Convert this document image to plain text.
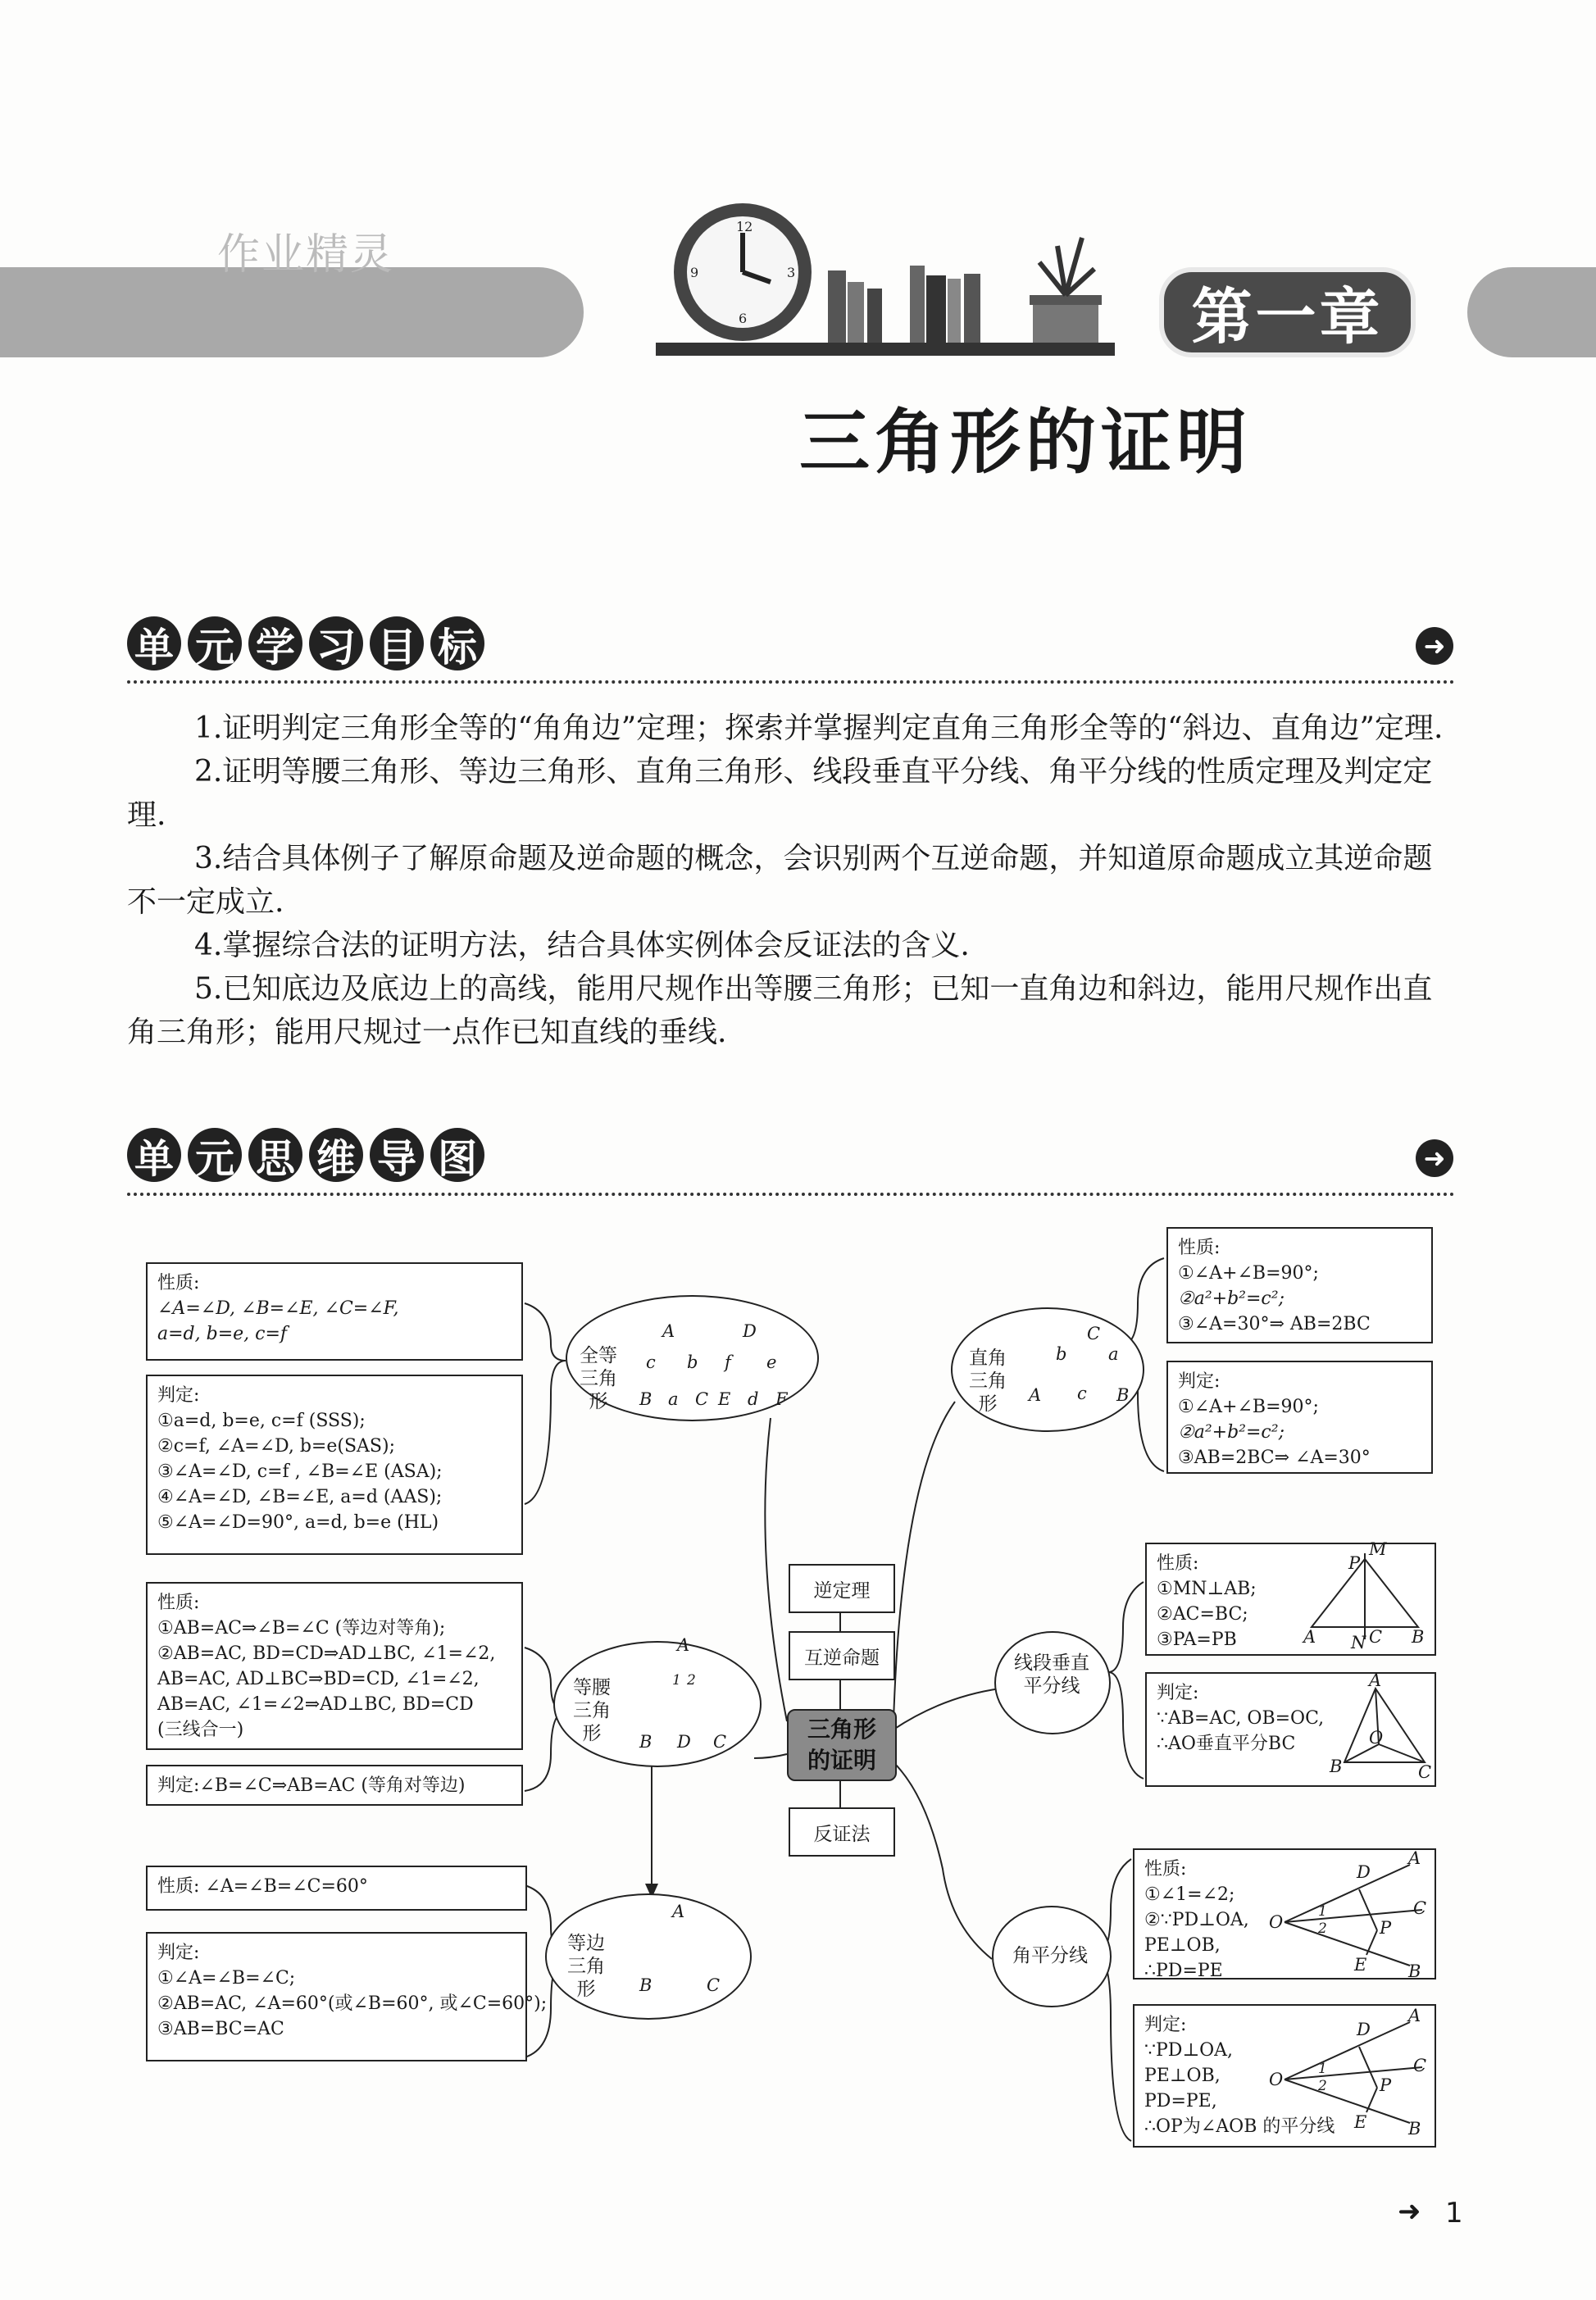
作业精灵
12
3
6
9
第一章
三角形的证明
单 元 学 习 目 标	➜

1.证明判定三角形全等的“角角边”定理；探索并掌握判定直角三角形全等的“斜边、直角边”定理.

2.证明等腰三角形、等边三角形、直角三角形、线段垂直平分线、角平分线的性质定理及判定定理.

3.结合具体例子了解原命题及逆命题的概念，会识别两个互逆命题，并知道原命题成立其逆命题不一定成立.

4.掌握综合法的证明方法，结合具体实例体会反证法的含义.

5.已知底边及底边上的高线，能用尺规作出等腰三角形；已知一直角边和斜边，能用尺规作出直角三角形；能用尺规过一点作已知直线的垂线.

单 元 思 维 导 图	➜
性质:
∠A=∠D, ∠B=∠E, ∠C=∠F,
a=d, b=e, c=f
判定:
①a=d, b=e, c=f (SSS);
②c=f, ∠A=∠D, b=e(SAS);
③∠A=∠D, c=f , ∠B=∠E (ASA);
④∠A=∠D, ∠B=∠E, a=d (AAS);
⑤∠A=∠D=90°, a=d, b=e (HL)
全等
三角形
A
c b
B a C
D
f e
E d F
性质:
①AB=AC⇒∠B=∠C (等边对等角);
②AB=AC, BD=CD⇒AD⊥BC, ∠1=∠2,
AB=AC, AD⊥BC⇒BD=CD, ∠1=∠2,
AB=AC, ∠1=∠2⇒AD⊥BC, BD=CD
(三线合一)
判定:∠B=∠C⇒AB=AC (等角对等边)
等腰
三角形
A
1 2
B D C
性质: ∠A=∠B=∠C=60°
判定:
①∠A=∠B=∠C;
②AB=AC, ∠A=60°(或∠B=60°, 或∠C=60°);
③AB=BC=AC
等边
三角形
A
B	C
逆定理
互逆命题
三角形
的证明
反证法
直角
三角形
C
b a
A c B
性质:
①∠A+∠B=90°;
②a²+b²=c²;
③∠A=30°⇒ AB=2BC
判定:
①∠A+∠B=90°;
②a²+b²=c²;
③AB=2BC⇒ ∠A=30°
线段垂直
平分线
性质:
①MN⊥AB;
②AC=BC;
③PA=PB
判定:
∵AB=AC, OB=OC,
∴AO垂直平分BC
M
P
A N C B
A
O
B	C
角平分线
性质:
①∠1=∠2;
②∵PD⊥OA,
PE⊥OB,
∴PD=PE
判定:
∵PD⊥OA,
PE⊥OB,
PD=PE,
∴OP为∠AOB 的平分线
D
A
O
1
2	P
C
E B
D
A
O
1
2	P
C
E B
➜ 1
